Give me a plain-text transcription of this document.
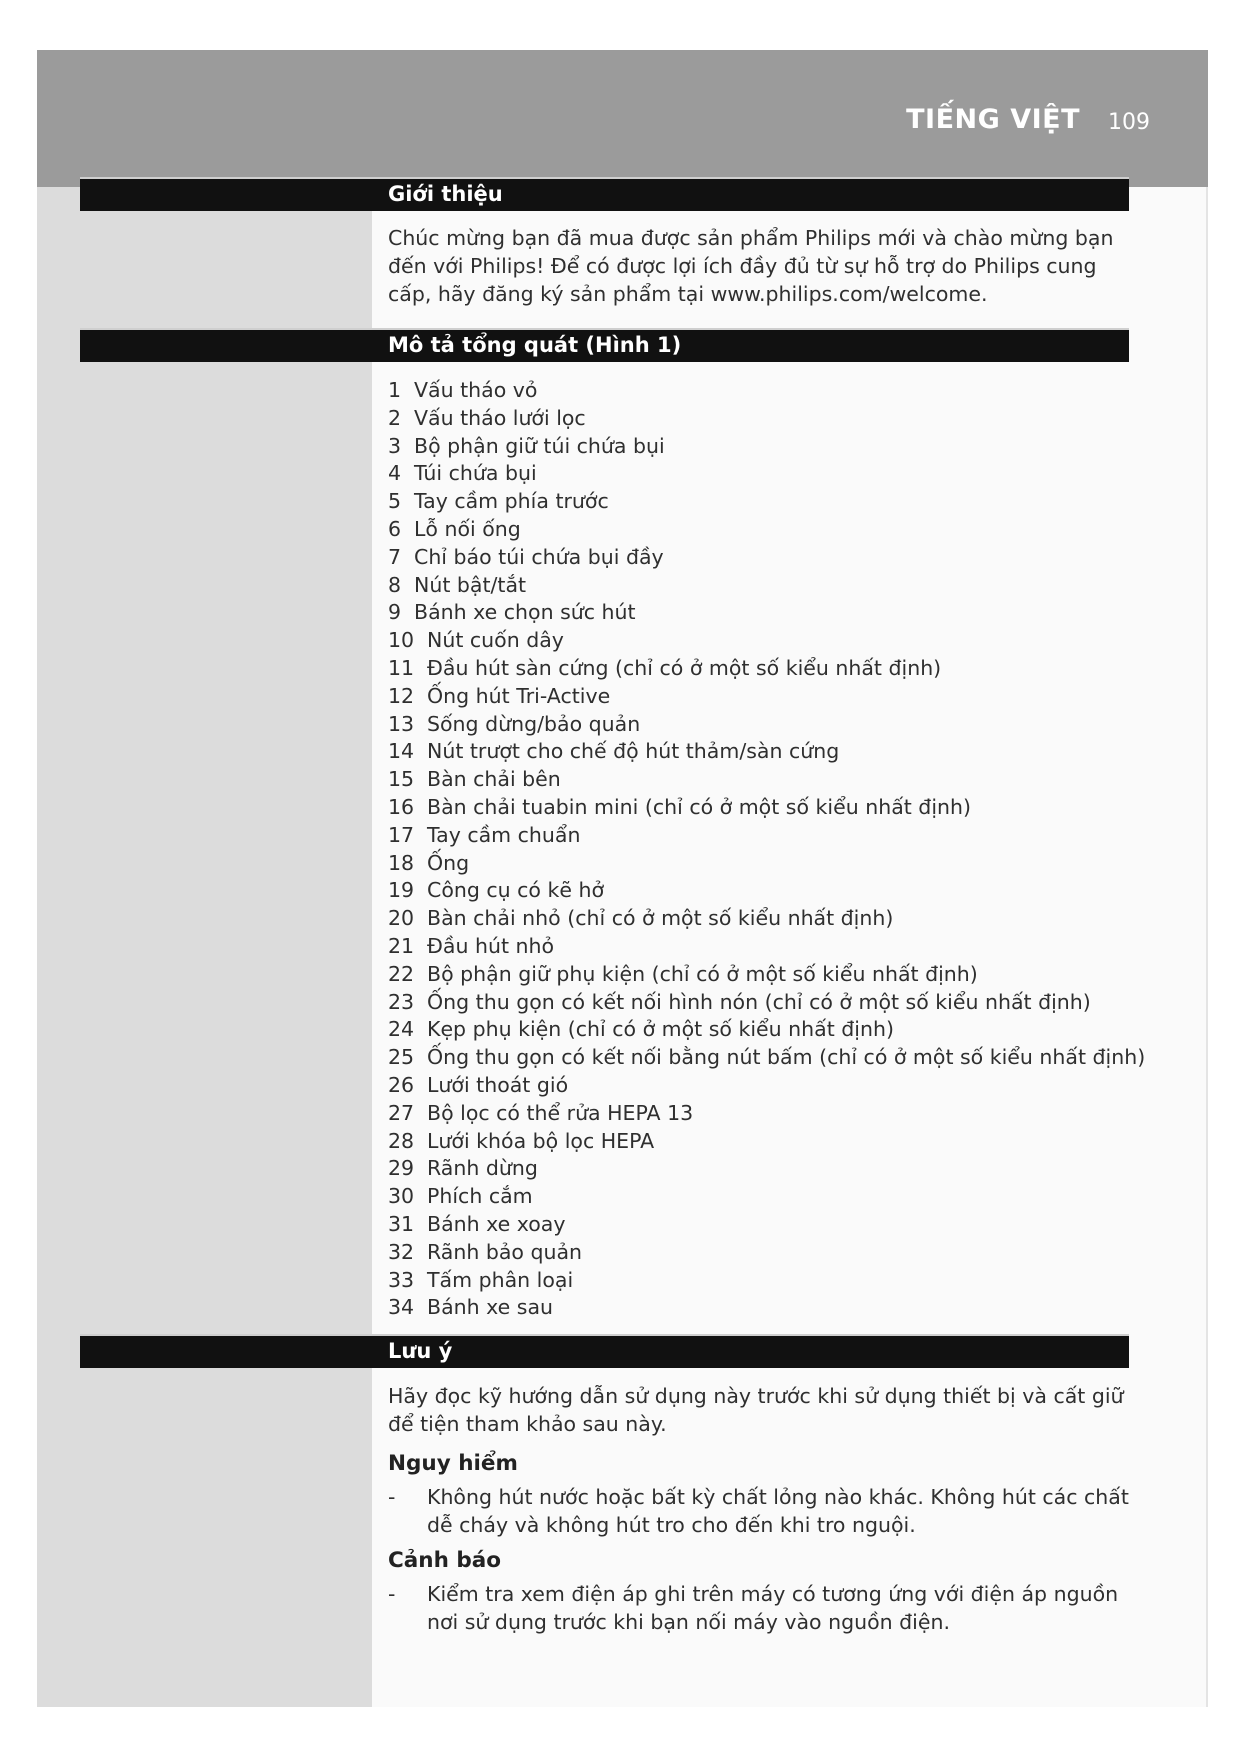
TIẾNG VIỆT 109
Giới thiệu

Chúc mừng bạn đã mua được sản phẩm Philips mới và chào mừng bạn đến với Philips! Để có được lợi ích đầy đủ từ sự hỗ trợ do Philips cung cấp, hãy đăng ký sản phẩm tại www.philips.com/welcome.

Mô tả tổng quát (Hình 1)
1 Vấu tháo vỏ
2 Vấu tháo lưới lọc
3 Bộ phận giữ túi chứa bụi
4 Túi chứa bụi
5 Tay cầm phía trước
6 Lỗ nối ống
7 Chỉ báo túi chứa bụi đầy
8 Nút bật/tắt
9 Bánh xe chọn sức hút
10 Nút cuốn dây
11 Đầu hút sàn cứng (chỉ có ở một số kiểu nhất định)
12 Ống hút Tri-Active
13 Sống dừng/bảo quản
14 Nút trượt cho chế độ hút thảm/sàn cứng
15 Bàn chải bên
16 Bàn chải tuabin mini (chỉ có ở một số kiểu nhất định)
17 Tay cầm chuẩn
18 Ống
19 Công cụ có kẽ hở
20 Bàn chải nhỏ (chỉ có ở một số kiểu nhất định)
21 Đầu hút nhỏ
22 Bộ phận giữ phụ kiện (chỉ có ở một số kiểu nhất định)
23 Ống thu gọn có kết nối hình nón (chỉ có ở một số kiểu nhất định)
24 Kẹp phụ kiện (chỉ có ở một số kiểu nhất định)
25 Ống thu gọn có kết nối bằng nút bấm (chỉ có ở một số kiểu nhất định)
26 Lưới thoát gió
27 Bộ lọc có thể rửa HEPA 13
28 Lưới khóa bộ lọc HEPA
29 Rãnh dừng
30 Phích cắm
31 Bánh xe xoay
32 Rãnh bảo quản
33 Tấm phân loại
34 Bánh xe sau
Lưu ý

Hãy đọc kỹ hướng dẫn sử dụng này trước khi sử dụng thiết bị và cất giữ để tiện tham khảo sau này.

Nguy hiểm

- Không hút nước hoặc bất kỳ chất lỏng nào khác. Không hút các chất dễ cháy và không hút tro cho đến khi tro nguội.

Cảnh báo

- Kiểm tra xem điện áp ghi trên máy có tương ứng với điện áp nguồn nơi sử dụng trước khi bạn nối máy vào nguồn điện.
